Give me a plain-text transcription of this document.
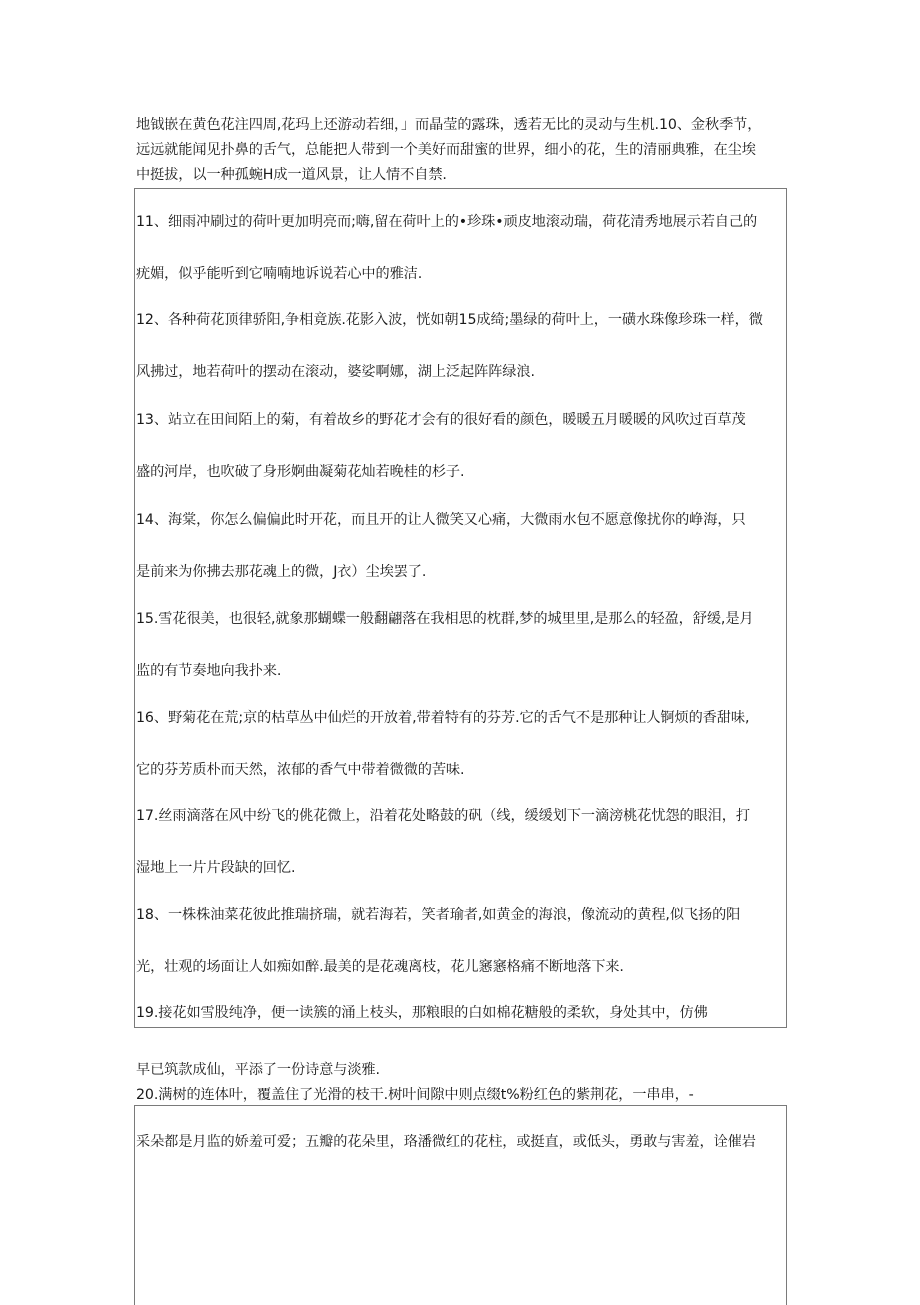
地钺嵌在黄色花注四周,花玛上还游动若细，」而晶莹的露珠，透若无比的灵动与生机.10、金秋季节，

远远就能闻见扑鼻的舌气，总能把人带到一个美好而甜蜜的世界，细小的花，生的清丽典雅，在尘埃

中挺拔，以一种孤蜿H成一道风景，让人情不自禁.

11、细雨冲刷过的荷叶更加明亮而;嗨,留在荷叶上的•珍珠•顽皮地滚动瑞，荷花清秀地展示若自己的

疣媚，似乎能听到它喃喃地诉说若心中的雅洁.

12、各种荷花顶律骄阳,争相竟族.花影入波，恍如朝15成绮;墨绿的荷叶上，一磺水珠像珍珠一样，微

风拂过，地若荷叶的摆动在滚动，婆娑啊娜，湖上泛起阵阵绿浪.

13、站立在田间陌上的菊，有着故乡的野花才会有的很好看的颜色，暖暖五月暖暖的风吹过百草茂

盛的河岸，也吹破了身形婀曲凝菊花灿若晚桂的杉子.

14、海棠，你怎么偏偏此时开花，而且开的让人微笑又心痛，大微雨水包不愿意像扰你的峥海，只

是前来为你拂去那花魂上的微，J衣）尘埃罢了.

15.雪花很美，也很轻,就象那蝴蝶一般翻翩落在我相思的枕群,梦的城里里,是那么的轻盈，舒缓,是月

监的有节奏地向我扑来.

16、野菊花在荒;京的枯草丛中仙烂的开放着,带着特有的芬芳.它的舌气不是那种让人锕烦的香甜味,

它的芬芳质朴而天然，浓郁的香气中带着微微的苦味.

17.丝雨滴落在风中纷飞的佻花微上，沿着花处略鼓的矾（线，缓缓划下一滴滂桃花忧怨的眼泪，打

湿地上一片片段缺的回忆.

18、一株株油菜花彼此推瑞挤瑞，就若海若，笑者瑜者,如黄金的海浪，像流动的黄程,似飞扬的阳

光，壮观的场面让人如痴如醉.最美的是花魂离枝，花儿窸窸格痛不断地落下来.

19.接花如雪股纯净，便一读簇的涌上枝头，那粮眼的白如棉花糖般的柔软，身处其中，仿佛

早已筑款成仙，平添了一份诗意与淡雅.

20.满树的连体叶，覆盖住了光滑的枝干.树叶间隙中则点缀t%粉红色的紫荆花，一串串，-

采朵都是月监的娇羞可爱；五瓣的花朵里，珞潘微红的花柱，或挺直，或低头，勇敢与害羞，诠催岩
